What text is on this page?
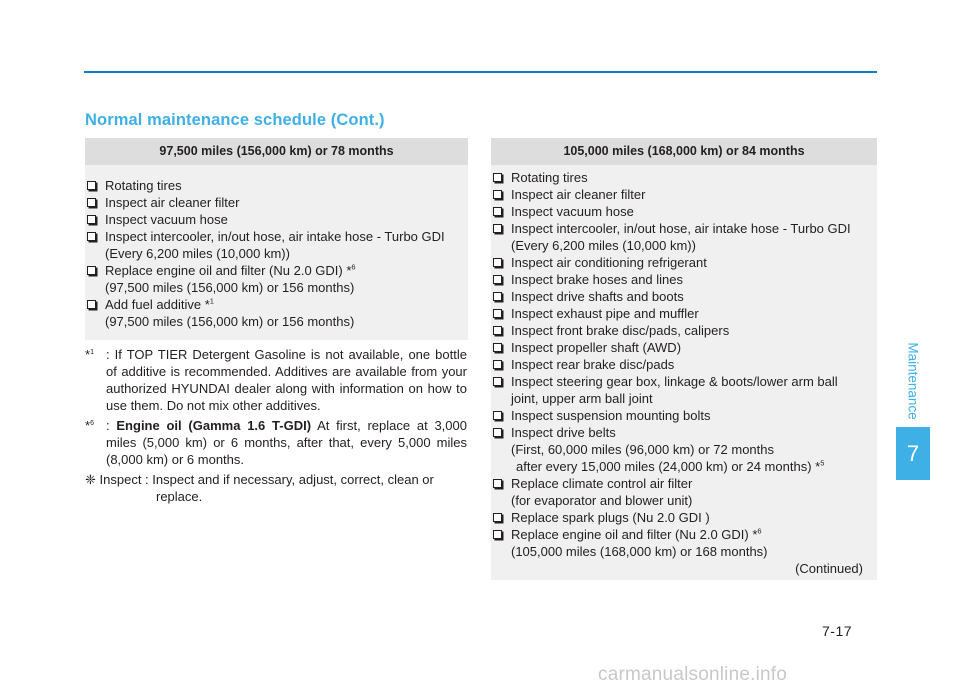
Normal maintenance schedule (Cont.)
97,500 miles (156,000 km) or 78 months
Rotating tires
Inspect air cleaner filter
Inspect vacuum hose
Inspect intercooler, in/out hose, air intake hose - Turbo GDI
(Every 6,200 miles (10,000 km))
Replace engine oil and filter (Nu 2.0 GDI) *$^6$
(97,500 miles (156,000 km) or 156 months)
Add fuel additive *$^1$
(97,500 miles (156,000 km) or 156 months)

*$^1$ : If TOP TIER Detergent Gasoline is not available, one bottle of additive is recommended. Additives are available from your authorized HYUNDAI dealer along with information on how to use them. Do not mix other additives.

*$^6$ : Engine oil (Gamma 1.6 T-GDI) At first, replace at 3,000 miles (5,000 km) or 6 months, after that, every 5,000 miles (8,000 km) or 6 months.

❈ Inspect : Inspect and if necessary, adjust, correct, clean or
replace.

105,000 miles (168,000 km) or 84 months
Rotating tires
Inspect air cleaner filter
Inspect vacuum hose
Inspect intercooler, in/out hose, air intake hose - Turbo GDI
(Every 6,200 miles (10,000 km))
Inspect air conditioning refrigerant
Inspect brake hoses and lines
Inspect drive shafts and boots
Inspect exhaust pipe and muffler
Inspect front brake disc/pads, calipers
Inspect propeller shaft (AWD)
Inspect rear brake disc/pads
Inspect steering gear box, linkage & boots/lower arm ball
joint, upper arm ball joint
Inspect suspension mounting bolts
Inspect drive belts
(First, 60,000 miles (96,000 km) or 72 months
after every 15,000 miles (24,000 km) or 24 months) *$^5$
Replace climate control air filter
(for evaporator and blower unit)
Replace spark plugs (Nu 2.0 GDI )
Replace engine oil and filter (Nu 2.0 GDI) *$^6$
(105,000 miles (168,000 km) or 168 months)
(Continued)
Maintenance
7
7-17
carmanualsonline.info
